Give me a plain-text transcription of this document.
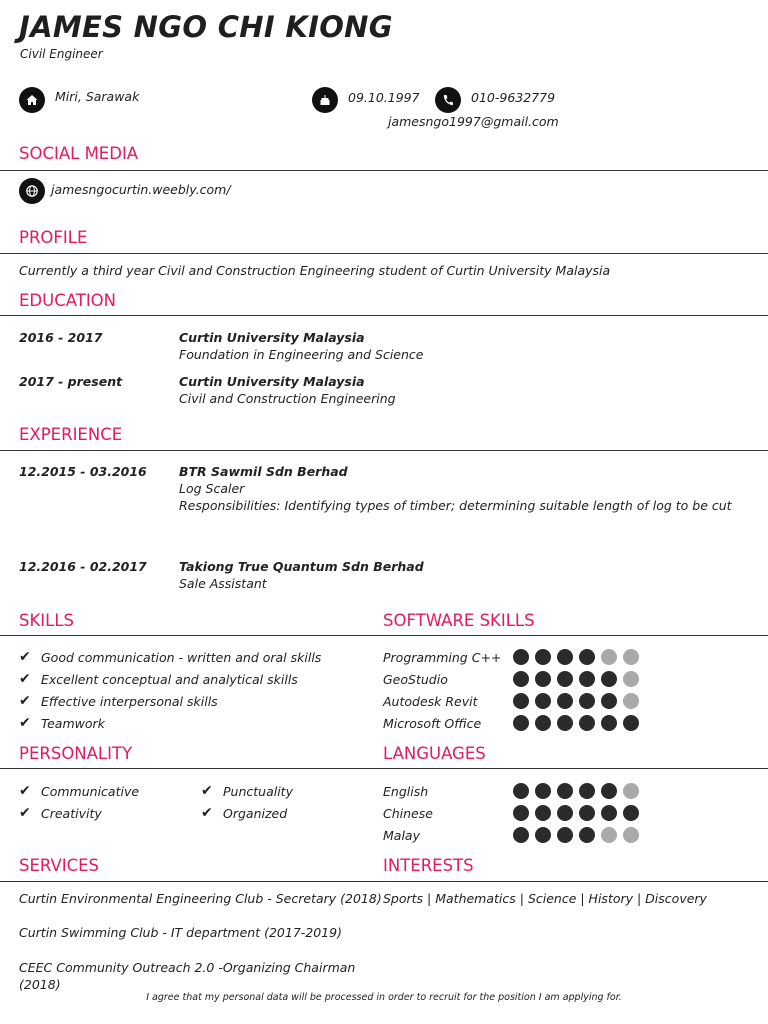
JAMES NGO CHI KIONG
Civil Engineer
Miri, Sarawak	09.10.1997	010-9632779
jamesngo1997@gmail.com
SOCIAL MEDIA
jamesngocurtin.weebly.com/
PROFILE
Currently a third year Civil and Construction Engineering student of Curtin University Malaysia
EDUCATION
2016 - 2017	Curtin University Malaysia
Foundation in Engineering and Science
2017 - present	Curtin University Malaysia
Civil and Construction Engineering
EXPERIENCE
12.2015 - 03.2016	BTR Sawmil Sdn Berhad
Log Scaler
Responsibilities: Identifying types of timber; determining suitable length of log to be cut
12.2016 - 02.2017	Takiong True Quantum Sdn Berhad
Sale Assistant
SKILLS	SOFTWARE SKILLS
✔ Good communication - written and oral skills
✔ Excellent conceptual and analytical skills
✔ Effective interpersonal skills
✔ Teamwork
Programming C++
GeoStudio
Autodesk Revit
Microsoft Office
PERSONALITY	LANGUAGES
✔ Communicative	✔ Punctuality
✔ Creativity	✔ Organized
English
Chinese
Malay
SERVICES	INTERESTS
Curtin Environmental Engineering Club - Secretary (2018)
Curtin Swimming Club - IT department (2017-2019)
CEEC Community Outreach 2.0 -Organizing Chairman
(2018)
Sports | Mathematics | Science | History | Discovery
I agree that my personal data will be processed in order to recruit for the position I am applying for.
